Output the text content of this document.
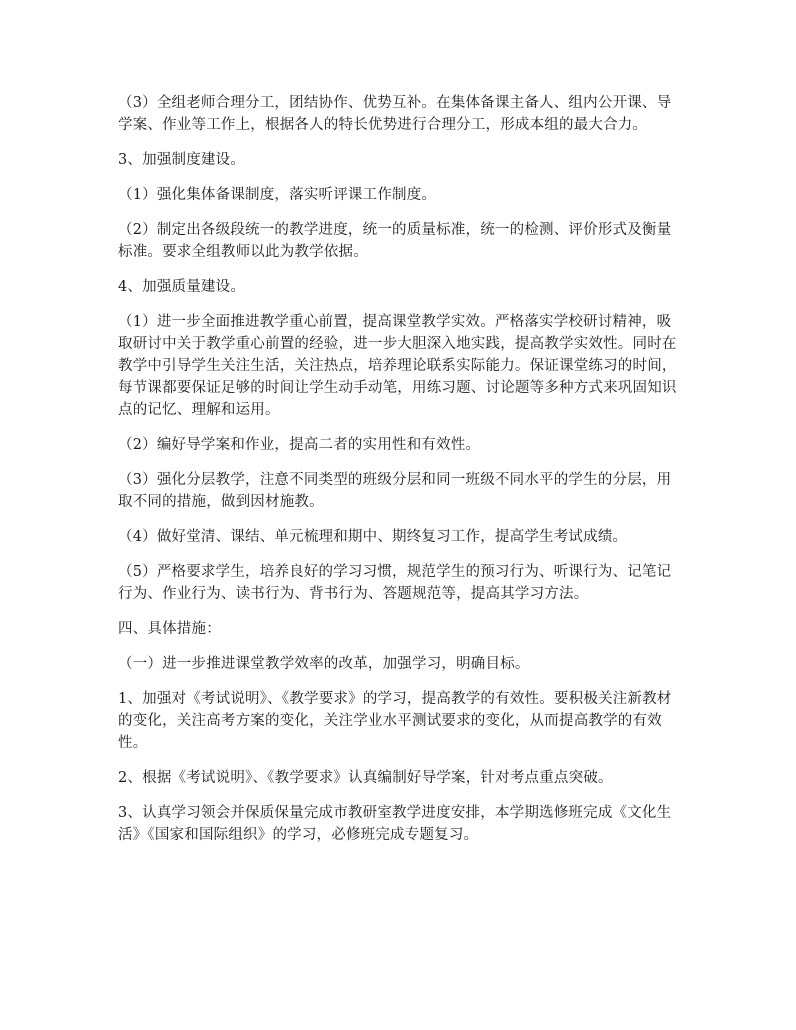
（3）全组老师合理分工，团结协作、优势互补。在集体备课主备人、组内公开课、导学案、作业等工作上，根据各人的特长优势进行合理分工，形成本组的最大合力。

3、加强制度建设。

（1）强化集体备课制度，落实听评课工作制度。

（2）制定出各级段统一的教学进度，统一的质量标准，统一的检测、评价形式及衡量标准。要求全组教师以此为教学依据。

4、加强质量建设。

（1）进一步全面推进教学重心前置，提高课堂教学实效。严格落实学校研讨精神，吸取研讨中关于教学重心前置的经验，进一步大胆深入地实践，提高教学实效性。同时在教学中引导学生关注生活，关注热点，培养理论联系实际能力。保证课堂练习的时间，每节课都要保证足够的时间让学生动手动笔，用练习题、讨论题等多种方式来巩固知识点的记忆、理解和运用。

（2）编好导学案和作业，提高二者的实用性和有效性。

（3）强化分层教学，注意不同类型的班级分层和同一班级不同水平的学生的分层，用取不同的措施，做到因材施教。

（4）做好堂清、课结、单元梳理和期中、期终复习工作，提高学生考试成绩。

（5）严格要求学生，培养良好的学习习惯，规范学生的预习行为、听课行为、记笔记行为、作业行为、读书行为、背书行为、答题规范等，提高其学习方法。

四、具体措施：

（一）进一步推进课堂教学效率的改革，加强学习，明确目标。

1、加强对《考试说明》、《教学要求》的学习，提高教学的有效性。要积极关注新教材的变化，关注高考方案的变化，关注学业水平测试要求的变化，从而提高教学的有效性。

2、根据《考试说明》、《教学要求》认真编制好导学案，针对考点重点突破。

3、认真学习领会并保质保量完成市教研室教学进度安排，本学期选修班完成《文化生活》《国家和国际组织》的学习，必修班完成专题复习。
